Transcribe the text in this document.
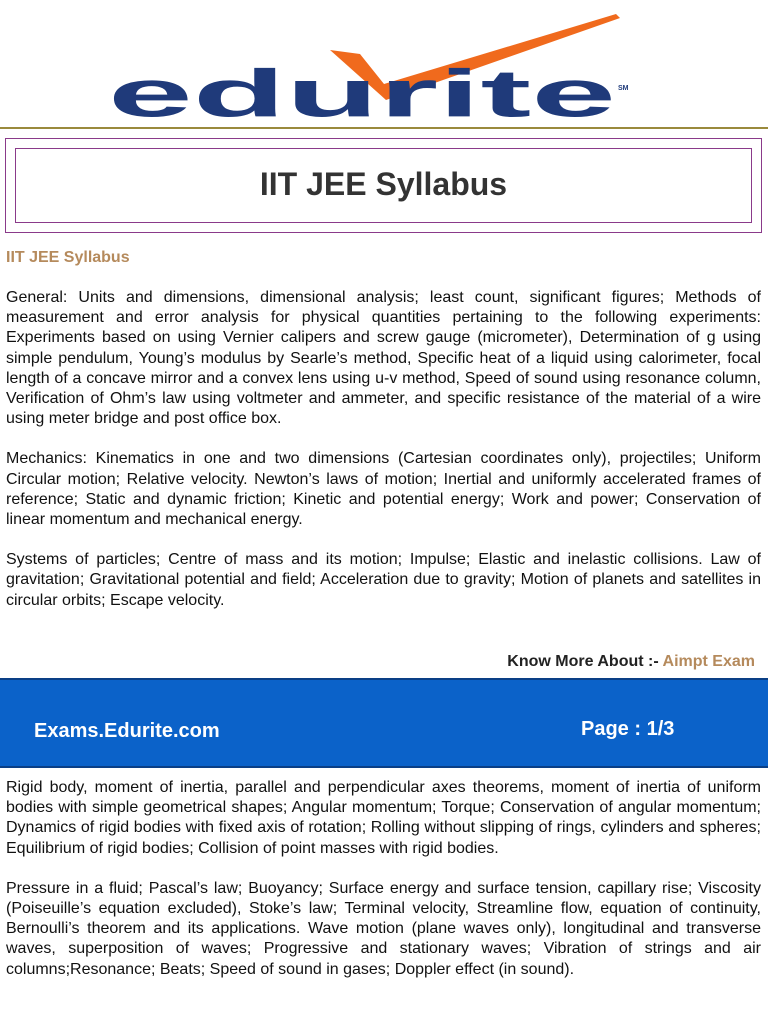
edurite SM
IIT JEE Syllabus
IIT JEE Syllabus

General: Units and dimensions, dimensional analysis; least count, significant figures; Methods of measurement and error analysis for physical quantities pertaining to the following experiments: Experiments based on using Vernier calipers and screw gauge (micrometer), Determination of g using simple pendulum, Young’s modulus by Searle’s method, Specific heat of a liquid using calorimeter, focal length of a concave mirror and a convex lens using u-v method, Speed of sound using resonance column, Verification of Ohm’s law using voltmeter and ammeter, and specific resistance of the material of a wire using meter bridge and post office box.

Mechanics: Kinematics in one and two dimensions (Cartesian coordinates only), projectiles; Uniform Circular motion; Relative velocity. Newton’s laws of motion; Inertial and uniformly accelerated frames of reference; Static and dynamic friction; Kinetic and potential energy; Work and power; Conservation of linear momentum and mechanical energy.

Systems of particles; Centre of mass and its motion; Impulse; Elastic and inelastic collisions. Law of gravitation; Gravitational potential and field; Acceleration due to gravity; Motion of planets and satellites in circular orbits; Escape velocity.

Know More About :- Aimpt Exam
Exams.Edurite.com	Page : 1/3

Rigid body, moment of inertia, parallel and perpendicular axes theorems, moment of inertia of uniform bodies with simple geometrical shapes; Angular momentum; Torque; Conservation of angular momentum; Dynamics of rigid bodies with fixed axis of rotation; Rolling without slipping of rings, cylinders and spheres; Equilibrium of rigid bodies; Collision of point masses with rigid bodies.

Pressure in a fluid; Pascal’s law; Buoyancy; Surface energy and surface tension, capillary rise; Viscosity (Poiseuille’s equation excluded), Stoke’s law; Terminal velocity, Streamline flow, equation of continuity, Bernoulli’s theorem and its applications. Wave motion (plane waves only), longitudinal and transverse waves, superposition of waves; Progressive and stationary waves; Vibration of strings and air columns;Resonance; Beats; Speed of sound in gases; Doppler effect (in sound).
